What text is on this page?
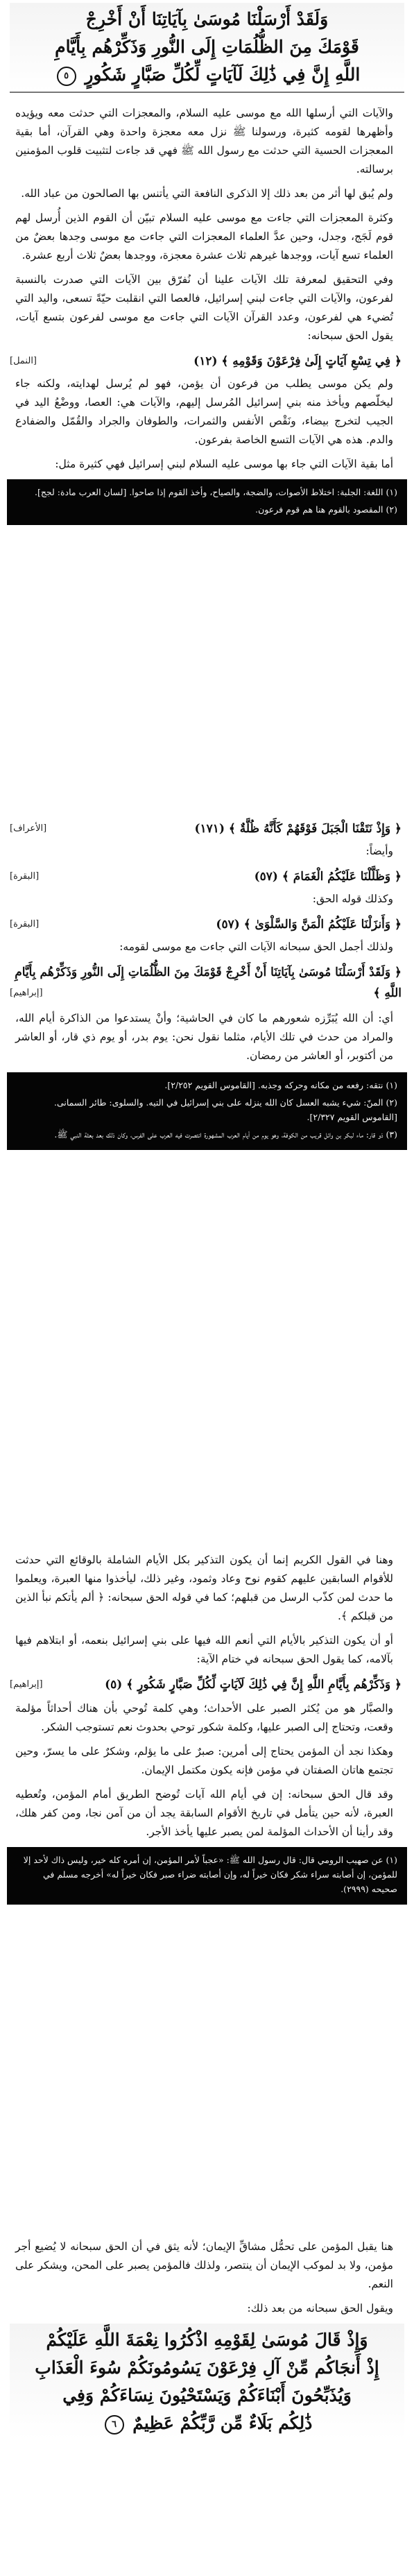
وَلَقَدْ أَرْسَلْنَا مُوسَىٰ بِآيَاتِنَا أَنْ أَخْرِجْ
قَوْمَكَ مِنَ الظُّلُمَاتِ إِلَى النُّورِ وَذَكِّرْهُم بِأَيَّامِ
اللَّهِ إِنَّ فِي ذَٰلِكَ لَآيَاتٍ لِّكُلِّ صَبَّارٍ شَكُورٍ ٥

والآيات التي أرسلها الله مع موسى عليه السلام، والمعجزات التي حدثت معه ويؤيده وأظهرها لقومه كثيرة، ورسولنا ﷺ نزل معه معجزة واحدة وهي القرآن، أما بقية المعجزات الحسية التي حدثت مع رسول الله ﷺ فهي قد جاءت لتثبيت قلوب المؤمنين برسالته.

ولم يُبق لها أثر من بعد ذلك إلا الذكرى النافعة التي يأتنس بها الصالحون من عباد الله.

وكثرة المعجزات التي جاءت مع موسى عليه السلام تبيّن أن القوم الذين أُرسل لهم قوم لَجَج، وجدل، وحين عدَّ العلماء المعجزات التي جاءت مع موسى وجدها بعضٌ من العلماء تسع آيات، ووجدها غيرهم ثلاث عشرة معجزة، ووجدها بعضٌ ثلاث أربع عشرة.

وفي التحقيق لمعرفة تلك الآيات علينا أن نُفرّق بين الآيات التي صدرت بالنسبة لفرعون، والآيات التي جاءت لبني إسرائيل، فالعصا التي انقلبت حيّةً تسعى، واليد التي تُضيء هي لفرعون، وعدد القرآن الآيات التي جاءت مع موسى لفرعون بتسع آيات، يقول الحق سبحانه:

﴿ فِي تِسْعِ آيَاتٍ إِلَىٰ فِرْعَوْنَ وَقَوْمِهِ ﴾ (١٢)
[النمل]

ولم يكن موسى يطلب من فرعون أن يؤمن، فهو لم يُرسل لهدايته، ولكنه جاء ليخلّصهم ويأخذ منه بني إسرائيل المُرسل إليهم، والآيات هي: العصا، ووضْعُ اليد في الجيب لتخرج بيضاء، ونَقْص الأنفس والثمرات، والطوفان والجراد والقُمّل والضفادع والدم. هذه هي الآيات التسع الخاصة بفرعون.

أما بقية الآيات التي جاء بها موسى عليه السلام لبني إسرائيل فهي كثيرة مثل:

(١) اللغة: الجلبة: اختلاط الأصوات، والضجة، والصياح، وأخذ القوم إذا صاحوا. [لسان العرب مادة: لجج].

(٢) المقصود بالقوم هنا هم قوم فرعون.

﴿ وَإِذْ نَتَقْنَا الْجَبَلَ فَوْقَهُمْ كَأَنَّهُ ظُلَّةٌ ﴾ (١٧١)
[الأعراف]

وأيضاً:

﴿ وَظَلَّلْنَا عَلَيْكُمُ الْغَمَامَ ﴾ (٥٧)
[البقرة]

وكذلك قوله الحق:

﴿ وَأَنزَلْنَا عَلَيْكُمُ الْمَنَّ وَالسَّلْوَىٰ ﴾ (٥٧)
[البقرة]

ولذلك أجمل الحق سبحانه الآيات التي جاءت مع موسى لقومه:

﴿ وَلَقَدْ أَرْسَلْنَا مُوسَىٰ بِآيَاتِنَا أَنْ أَخْرِجْ قَوْمَكَ مِنَ الظُّلُمَاتِ إِلَى النُّورِ وَذَكِّرْهُم بِأَيَّامِ اللَّهِ ﴾
[إبراهيم]

أي: أن الله يُبَرِّزه شعورهم ما كان في الحاشية؛ وأنْ يستدعوا من الذاكرة أيام الله، والمراد من حدث في تلك الأيام، مثلما نقول نحن: يوم بدر، أو يوم ذي قار، أو العاشر من أكتوبر، أو العاشر من رمضان.

(١) نتقه: رفعه من مكانه وحركه وجذبه. [القاموس القويم ٢/٢٥٢].

(٢) المنّ: شيء يشبه العسل كان الله ينزله على بني إسرائيل في التيه. والسلوى: طائر السمانى. [القاموس القويم ٢/٣٢٧].

(٣) ذو قار: ماء لبكر بن وائل قريب من الكوفة، وهو يوم من أيام العرب المشهورة انتصرت فيه العرب على الفرس، وكان ذلك بعد بعثة النبي ﷺ.

وهنا في القول الكريم إنما أن يكون التذكير بكل الأيام الشاملة بالوقائع التي حدثت للأقوام السابقين عليهم كقوم نوح وعاد وثمود، وغير ذلك، ليأخذوا منها العبرة، ويعلموا ما حدث لمن كذّب الرسل من قبلهم؛ كما في قوله الحق سبحانه: ﴿ ألم يأتكم نبأ الذين من قبلكم ﴾.

أو أن يكون التذكير بالأيام التي أنعم الله فيها على بني إسرائيل بنعمه، أو ابتلاهم فيها بآلامه، كما يقول الحق سبحانه في ختام الآية:

﴿ وَذَكِّرْهُم بِأَيَّامِ اللَّهِ إِنَّ فِي ذَٰلِكَ لَآيَاتٍ لِّكُلِّ صَبَّارٍ شَكُورٍ ﴾ (٥)
[إبراهيم]

والصبَّار هو من يُكثر الصبر على الأحداث؛ وهي كلمة تُوحي بأن هناك أحداثاً مؤلمة وقعت، وتحتاج إلى الصبر عليها، وكلمة شكور توحي بحدوث نعم تستوجب الشكر.

وهكذا نجد أن المؤمن يحتاج إلى أمرين: صبرٌ على ما يؤلم، وشكرٌ على ما يسرّ، وحين تجتمع هاتان الصفتان في مؤمن فإنه يكون مكتمل الإيمان.

وقد قال الحق سبحانه: إن في أيام الله آيات تُوضح الطريق أمام المؤمن، وتُعطيه العبرة، لأنه حين يتأمل في تاريخ الأقوام السابقة يجد أن من آمن نجا، ومن كفر هلك، وقد رأينا أن الأحداث المؤلمة لمن يصبر عليها يأخذ الأجر.

(١) عن صهيب الرومي قال: قال رسول الله ﷺ: «عجباً لأمر المؤمن، إن أمره كله خير، وليس ذاك لأحد إلا للمؤمن، إن أصابته سراء شكر فكان خيراً له، وإن أصابته ضراء صبر فكان خيراً له» أخرجه مسلم في صحيحه (٢٩٩٩).

هنا يقبل المؤمن على تحمُّل مشاقِّ الإيمان؛ لأنه يثق في أن الحق سبحانه لا يُضيع أجر مؤمن، ولا بد لموكب الإيمان أن ينتصر، ولذلك فالمؤمن يصبر على المحن، ويشكر على النعم.

ويقول الحق سبحانه من بعد ذلك:

وَإِذْ قَالَ مُوسَىٰ لِقَوْمِهِ اذْكُرُوا نِعْمَةَ اللَّهِ عَلَيْكُمْ
إِذْ أَنجَاكُم مِّنْ آلِ فِرْعَوْنَ يَسُومُونَكُمْ سُوءَ الْعَذَابِ
وَيُذَبِّحُونَ أَبْنَاءَكُمْ وَيَسْتَحْيُونَ نِسَاءَكُمْ وَفِي
ذَٰلِكُم بَلَاءٌ مِّن رَّبِّكُمْ عَظِيمٌ ٦
